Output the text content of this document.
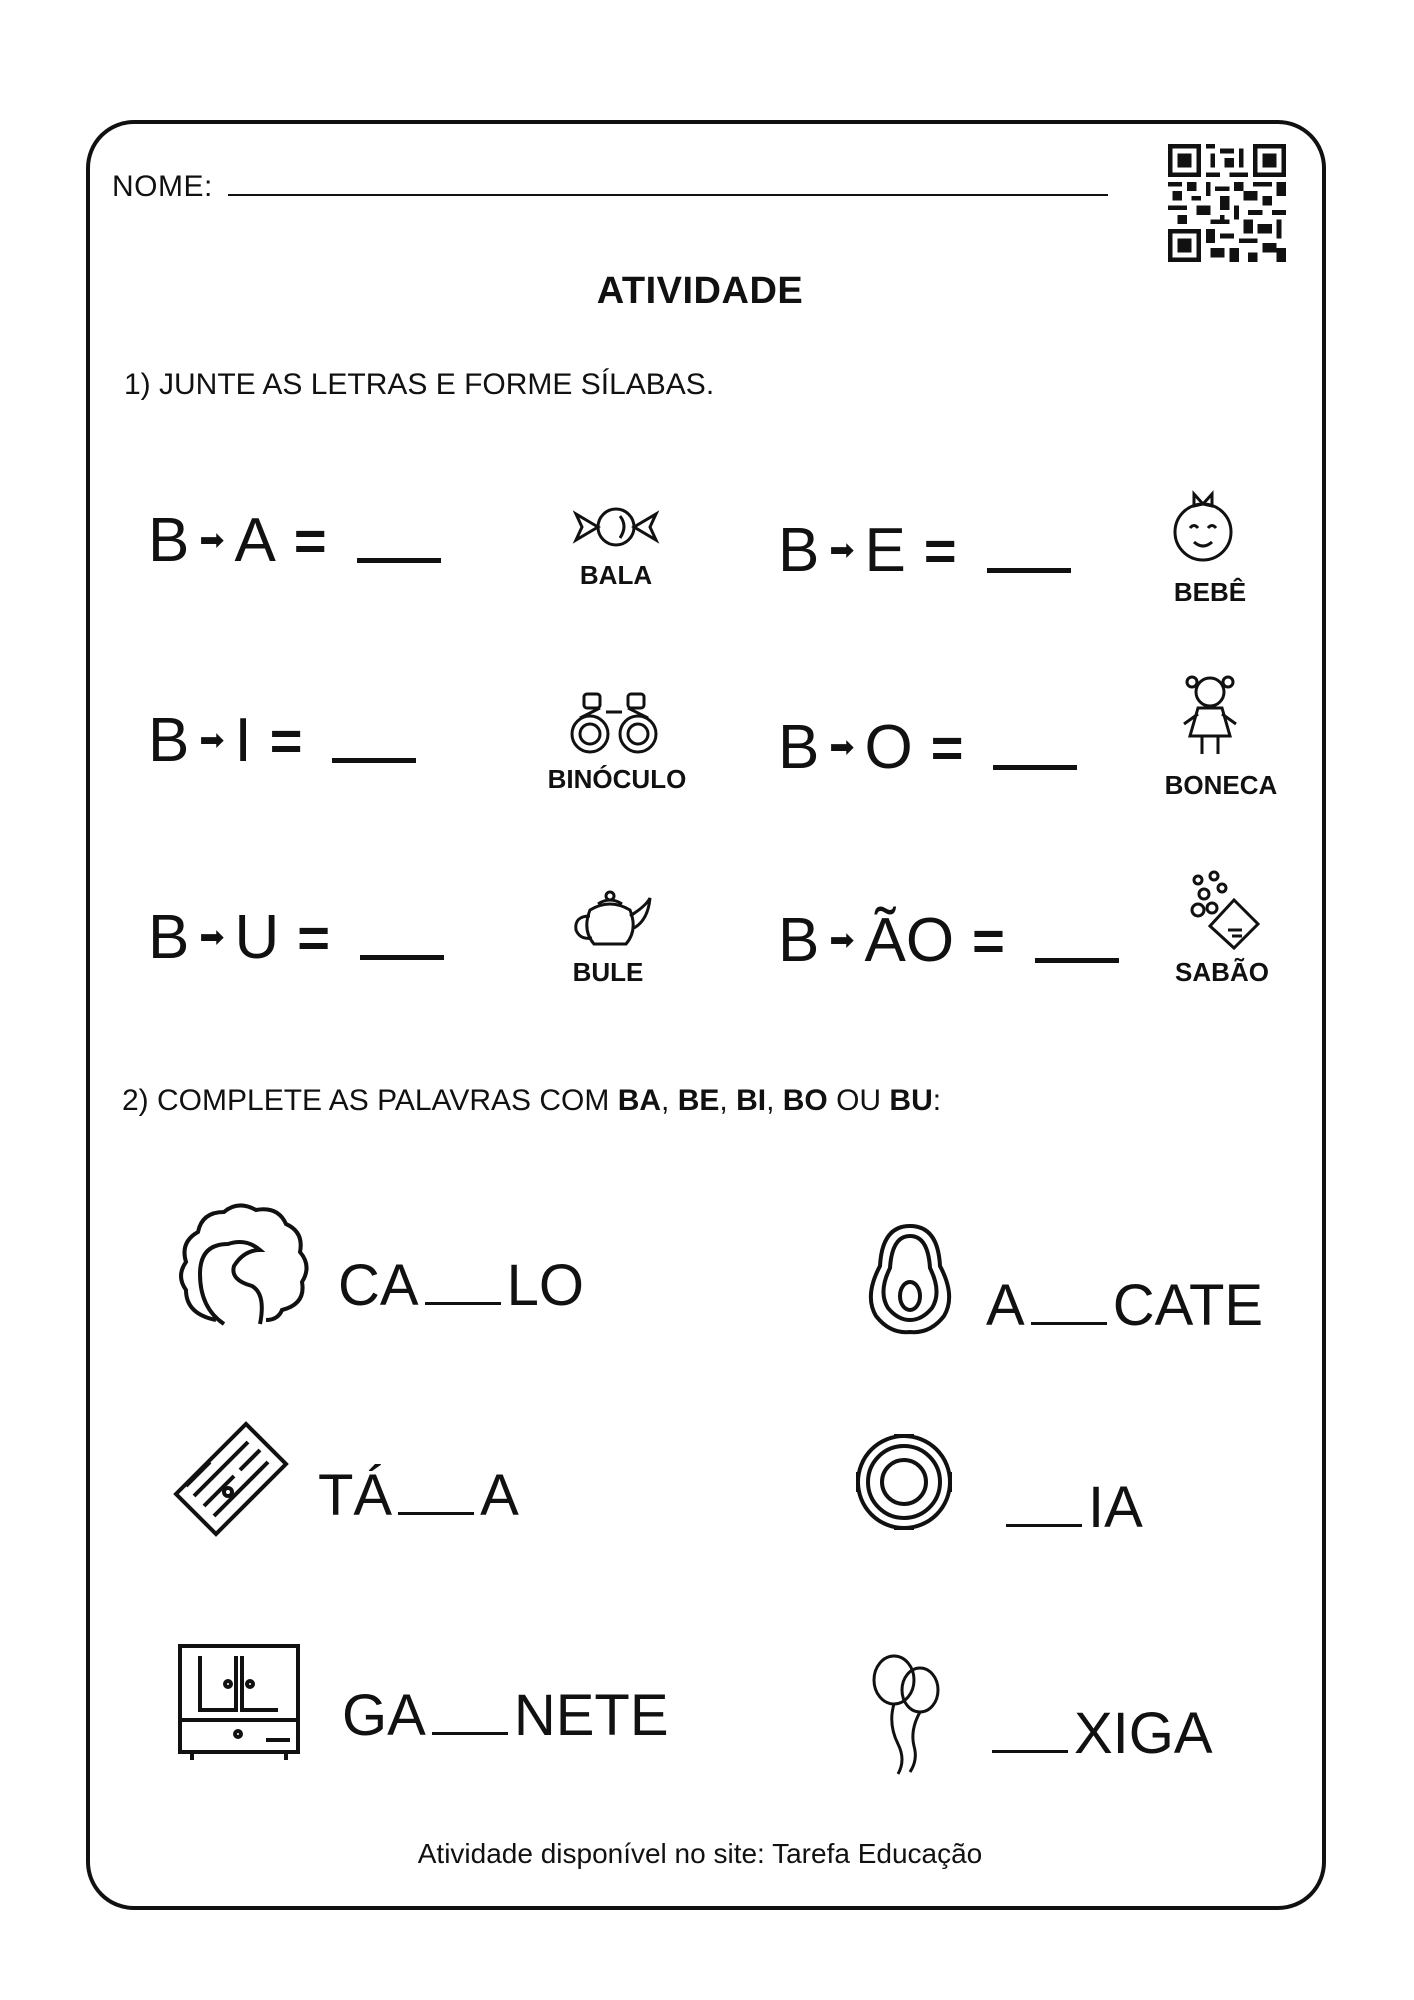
NOME:
ATIVIDADE
1) JUNTE AS LETRAS E FORME SÍLABAS.
B ➡ A =
BALA	B ➡ E =
BEBÊ
B ➡ I =
BINÓCULO	B ➡ O =
BONECA
B ➡ U =
BULE	B ➡ ÃO =	SABÃO
2) COMPLETE AS PALAVRAS COM BA, BE, BI, BO OU BU:
CA LO	A CATE
TÁ A	IA
GA NETE	XIGA
Atividade disponível no site: Tarefa Educação
